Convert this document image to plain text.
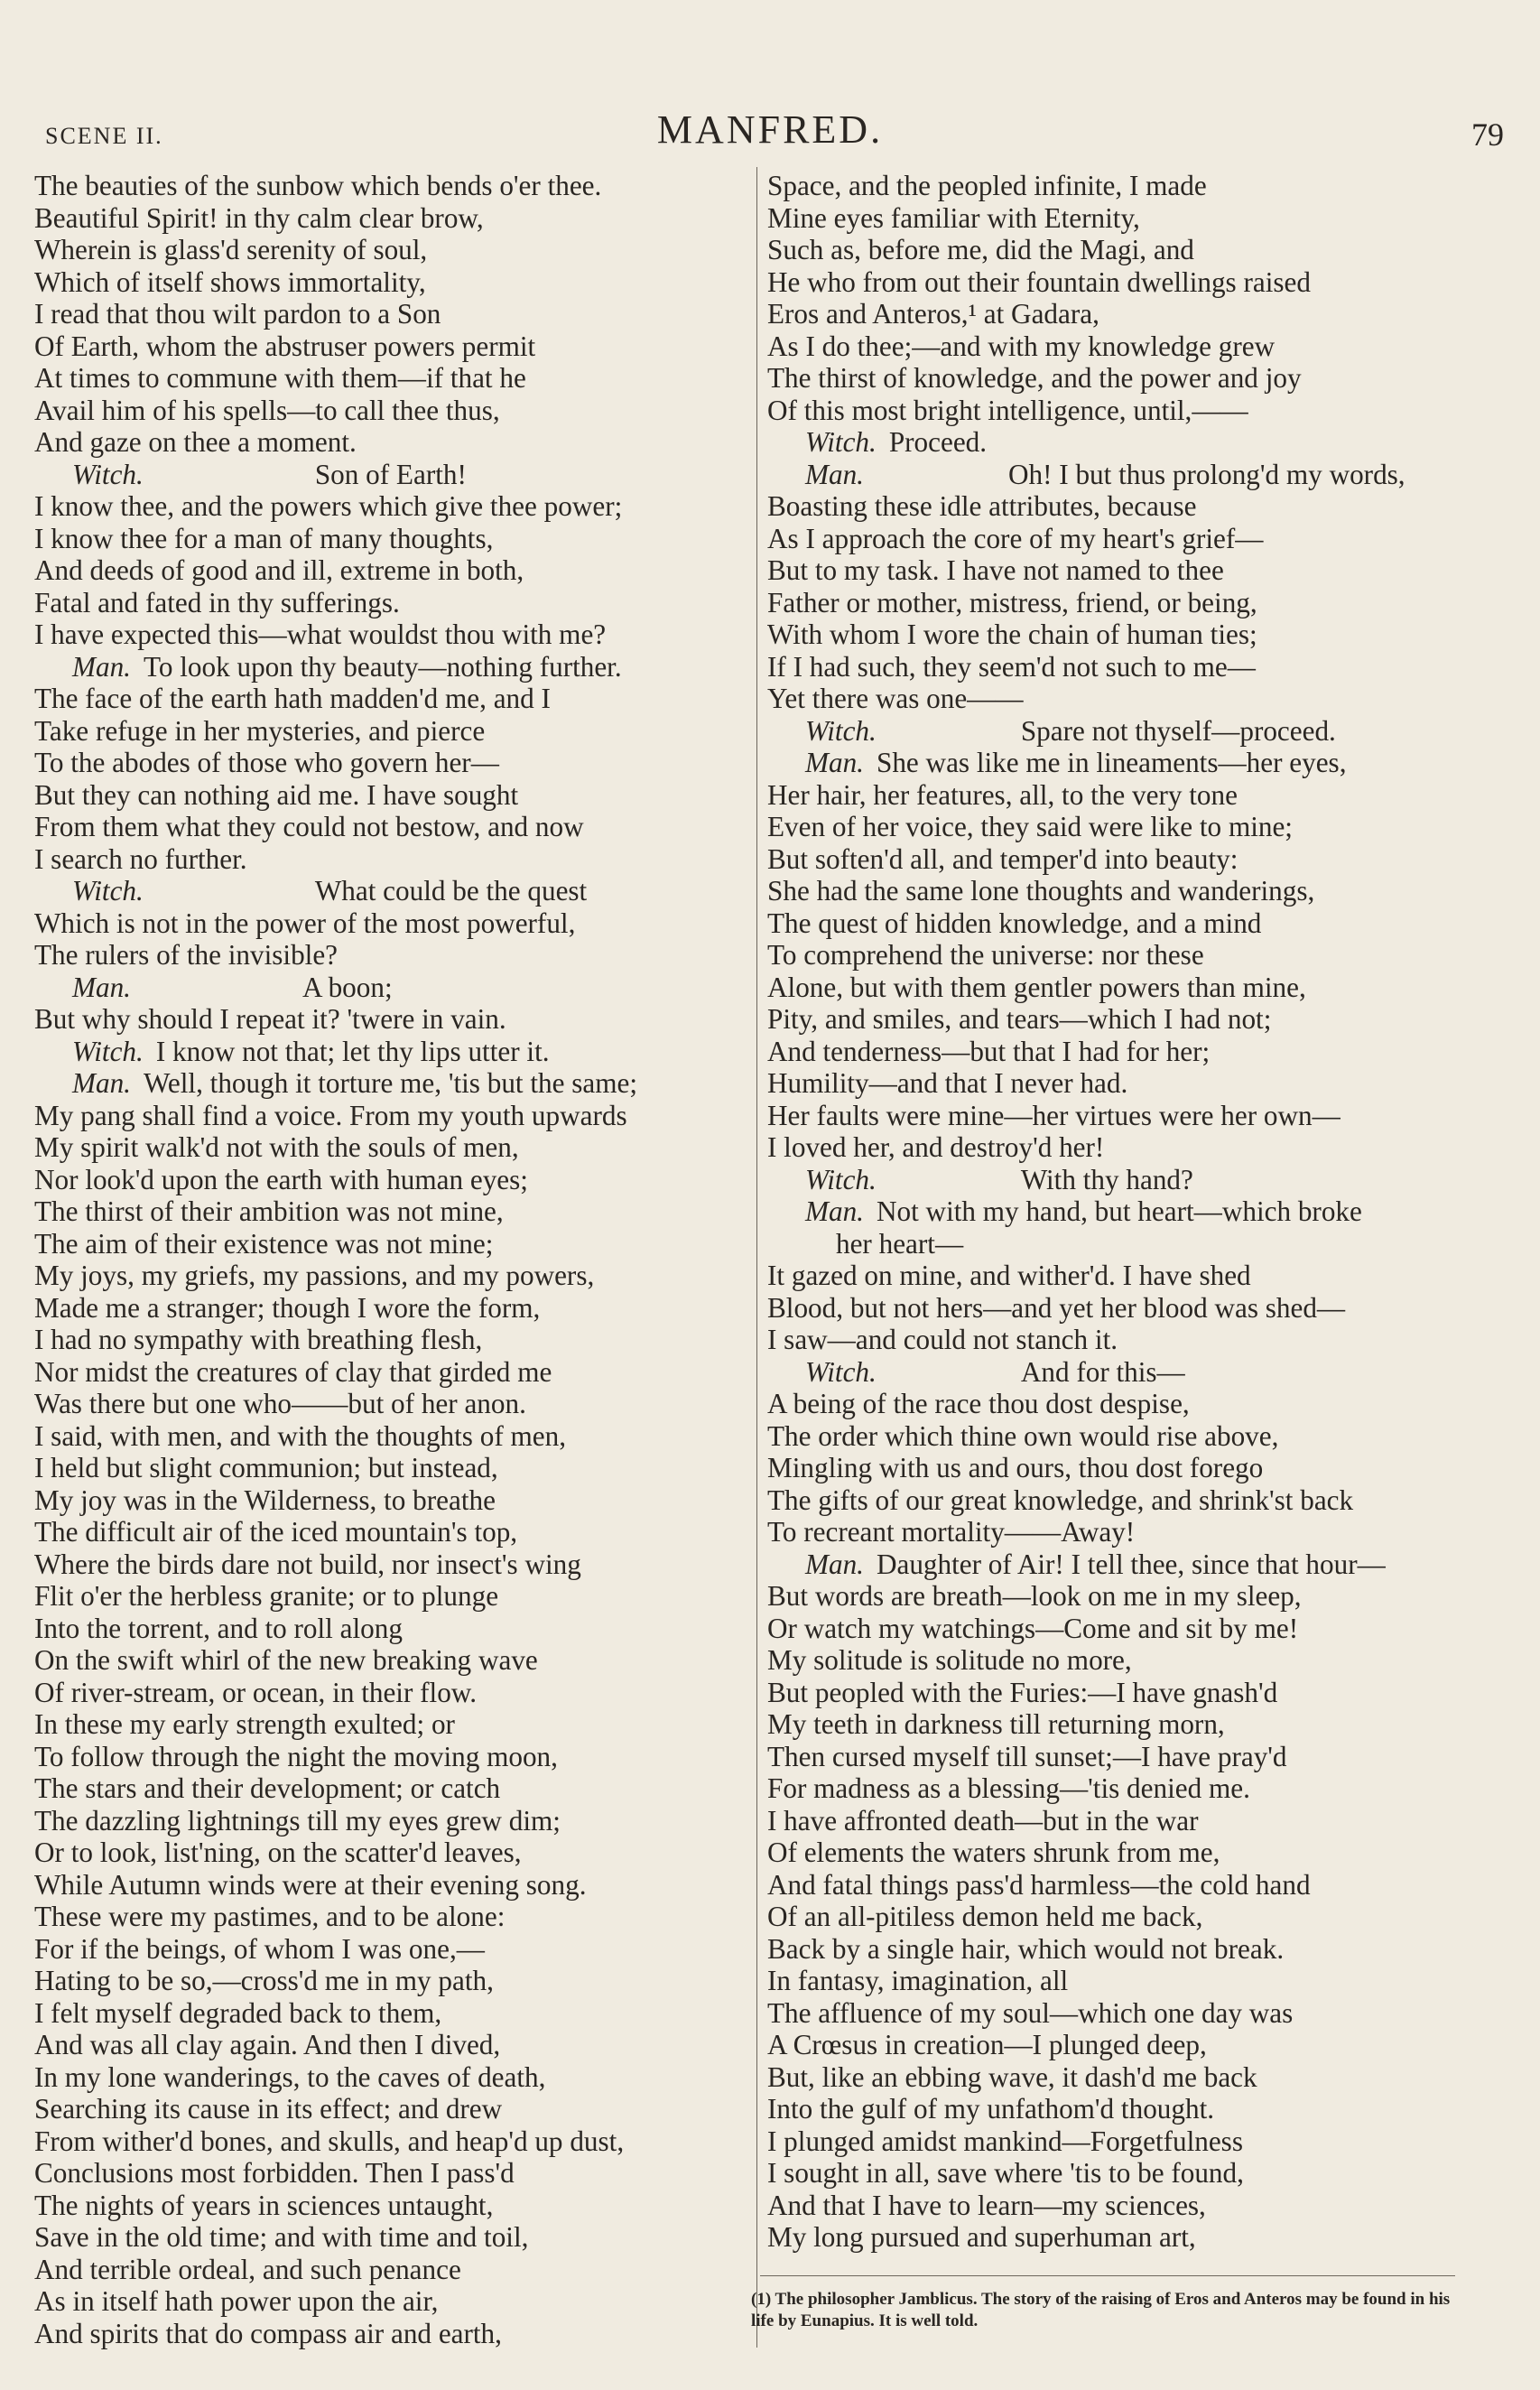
MANFRED.
SCENE II.	79
The beauties of the sunbow which bends o'er thee.
Beautiful Spirit! in thy calm clear brow,
Wherein is glass'd serenity of soul,
Which of itself shows immortality,
I read that thou wilt pardon to a Son
Of Earth, whom the abstruser powers permit
At times to commune with them—if that he
Avail him of his spells—to call thee thus,
And gaze on thee a moment.
Witch.	Son of Earth!
I know thee, and the powers which give thee power;
I know thee for a man of many thoughts,
And deeds of good and ill, extreme in both,
Fatal and fated in thy sufferings.
I have expected this—what wouldst thou with me?
Man. To look upon thy beauty—nothing further.
The face of the earth hath madden'd me, and I
Take refuge in her mysteries, and pierce
To the abodes of those who govern her—
But they can nothing aid me. I have sought
From them what they could not bestow, and now
I search no further.
Witch.	What could be the quest
Which is not in the power of the most powerful,
The rulers of the invisible?
Man.	A boon;
But why should I repeat it? 'twere in vain.
Witch. I know not that; let thy lips utter it.
Man. Well, though it torture me, 'tis but the same;
My pang shall find a voice. From my youth upwards
My spirit walk'd not with the souls of men,
Nor look'd upon the earth with human eyes;
The thirst of their ambition was not mine,
The aim of their existence was not mine;
My joys, my griefs, my passions, and my powers,
Made me a stranger; though I wore the form,
I had no sympathy with breathing flesh,
Nor midst the creatures of clay that girded me
Was there but one who——but of her anon.
I said, with men, and with the thoughts of men,
I held but slight communion; but instead,
My joy was in the Wilderness, to breathe
The difficult air of the iced mountain's top,
Where the birds dare not build, nor insect's wing
Flit o'er the herbless granite; or to plunge
Into the torrent, and to roll along
On the swift whirl of the new breaking wave
Of river-stream, or ocean, in their flow.
In these my early strength exulted; or
To follow through the night the moving moon,
The stars and their development; or catch
The dazzling lightnings till my eyes grew dim;
Or to look, list'ning, on the scatter'd leaves,
While Autumn winds were at their evening song.
These were my pastimes, and to be alone:
For if the beings, of whom I was one,—
Hating to be so,—cross'd me in my path,
I felt myself degraded back to them,
And was all clay again. And then I dived,
In my lone wanderings, to the caves of death,
Searching its cause in its effect; and drew
From wither'd bones, and skulls, and heap'd up dust,
Conclusions most forbidden. Then I pass'd
The nights of years in sciences untaught,
Save in the old time; and with time and toil,
And terrible ordeal, and such penance
As in itself hath power upon the air,
And spirits that do compass air and earth,
Space, and the peopled infinite, I made
Mine eyes familiar with Eternity,
Such as, before me, did the Magi, and
He who from out their fountain dwellings raised
Eros and Anteros,¹ at Gadara,
As I do thee;—and with my knowledge grew
The thirst of knowledge, and the power and joy
Of this most bright intelligence, until,——
Witch. Proceed.
Man.	Oh! I but thus prolong'd my words,
Boasting these idle attributes, because
As I approach the core of my heart's grief—
But to my task. I have not named to thee
Father or mother, mistress, friend, or being,
With whom I wore the chain of human ties;
If I had such, they seem'd not such to me—
Yet there was one——
Witch.	Spare not thyself—proceed.
Man. She was like me in lineaments—her eyes,
Her hair, her features, all, to the very tone
Even of her voice, they said were like to mine;
But soften'd all, and temper'd into beauty:
She had the same lone thoughts and wanderings,
The quest of hidden knowledge, and a mind
To comprehend the universe: nor these
Alone, but with them gentler powers than mine,
Pity, and smiles, and tears—which I had not;
And tenderness—but that I had for her;
Humility—and that I never had.
Her faults were mine—her virtues were her own—
I loved her, and destroy'd her!
Witch.	With thy hand?
Man. Not with my hand, but heart—which broke
her heart—
It gazed on mine, and wither'd. I have shed
Blood, but not hers—and yet her blood was shed—
I saw—and could not stanch it.
Witch.	And for this—
A being of the race thou dost despise,
The order which thine own would rise above,
Mingling with us and ours, thou dost forego
The gifts of our great knowledge, and shrink'st back
To recreant mortality——Away!
Man. Daughter of Air! I tell thee, since that hour—
But words are breath—look on me in my sleep,
Or watch my watchings—Come and sit by me!
My solitude is solitude no more,
But peopled with the Furies:—I have gnash'd
My teeth in darkness till returning morn,
Then cursed myself till sunset;—I have pray'd
For madness as a blessing—'tis denied me.
I have affronted death—but in the war
Of elements the waters shrunk from me,
And fatal things pass'd harmless—the cold hand
Of an all-pitiless demon held me back,
Back by a single hair, which would not break.
In fantasy, imagination, all
The affluence of my soul—which one day was
A Crœsus in creation—I plunged deep,
But, like an ebbing wave, it dash'd me back
Into the gulf of my unfathom'd thought.
I plunged amidst mankind—Forgetfulness
I sought in all, save where 'tis to be found,
And that I have to learn—my sciences,
My long pursued and superhuman art,
(1) The philosopher Jamblicus. The story of the raising of Eros and Anteros may be found in his life by Eunapius. It is well told.
